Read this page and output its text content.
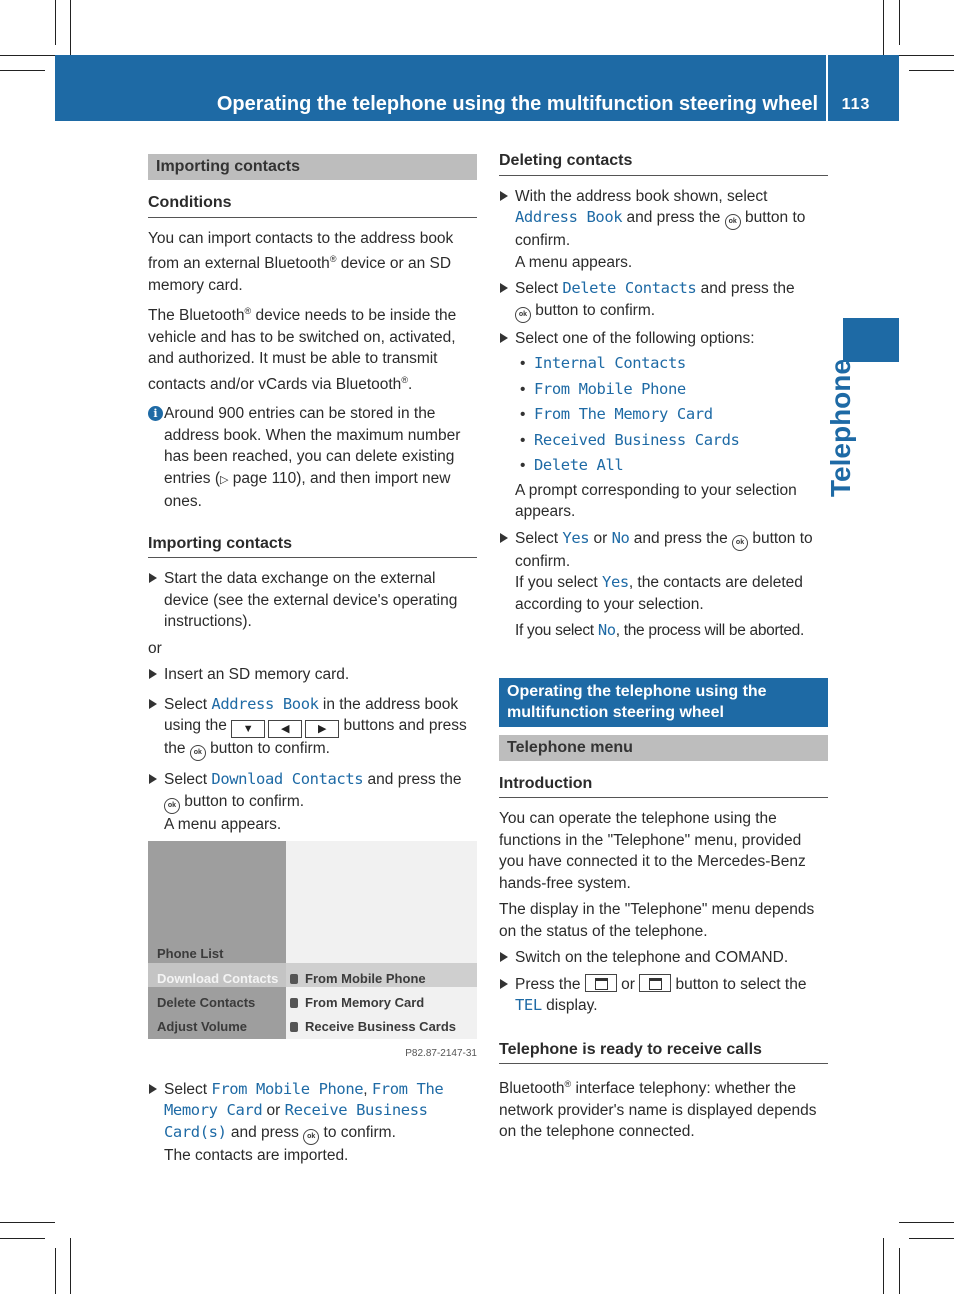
Operating the telephone using the multifunction steering wheel	113
Telephone
Importing contacts
Conditions

You can import contacts to the address book from an external Bluetooth® device or an SD memory card.

The Bluetooth® device needs to be inside the vehicle and has to be switched on, activated, and authorized. It must be able to transmit contacts and/or vCards via Bluetooth®.

i Around 900 entries can be stored in the address book. When the maximum number has been reached, you can delete existing entries (▷ page 110), and then import new ones.
Importing contacts
Start the data exchange on the external device (see the external device's operating instructions).

or

Insert an SD memory card.
Select Address Book in the address book using the ▼ ◀	▶ buttons and press the ok button to confirm.
Select Download Contacts and press the ok button to confirm.
A menu appears.
Phone List
Download Contacts
Delete Contacts
Adjust Volume
From Mobile Phone
From Memory Card
Receive Business Cards
P82.87-2147-31
Select From Mobile Phone, From The Memory Card or Receive Business Card(s) and press ok to confirm.
The contacts are imported.
Deleting contacts
With the address book shown, select Address Book and press the ok button to confirm.
A menu appears.
Select Delete Contacts and press the
ok button to confirm.
Select one of the following options:
• Internal Contacts
• From Mobile Phone
• From The Memory Card
• Received Business Cards
• Delete All
A prompt corresponding to your selection appears.
Select Yes or No and press the ok button to confirm.
If you select Yes, the contacts are deleted according to your selection.
If you select No, the process will be aborted.
Operating the telephone using the multifunction steering wheel
Telephone menu
Introduction

You can operate the telephone using the functions in the "Telephone" menu, provided you have connected it to the Mercedes-Benz hands-free system.

The display in the "Telephone" menu depends on the status of the telephone.

Switch on the telephone and COMAND.
Press the  or  button to select the TEL display.
Telephone is ready to receive calls

Bluetooth® interface telephony: whether the network provider's name is displayed depends on the telephone connected.
